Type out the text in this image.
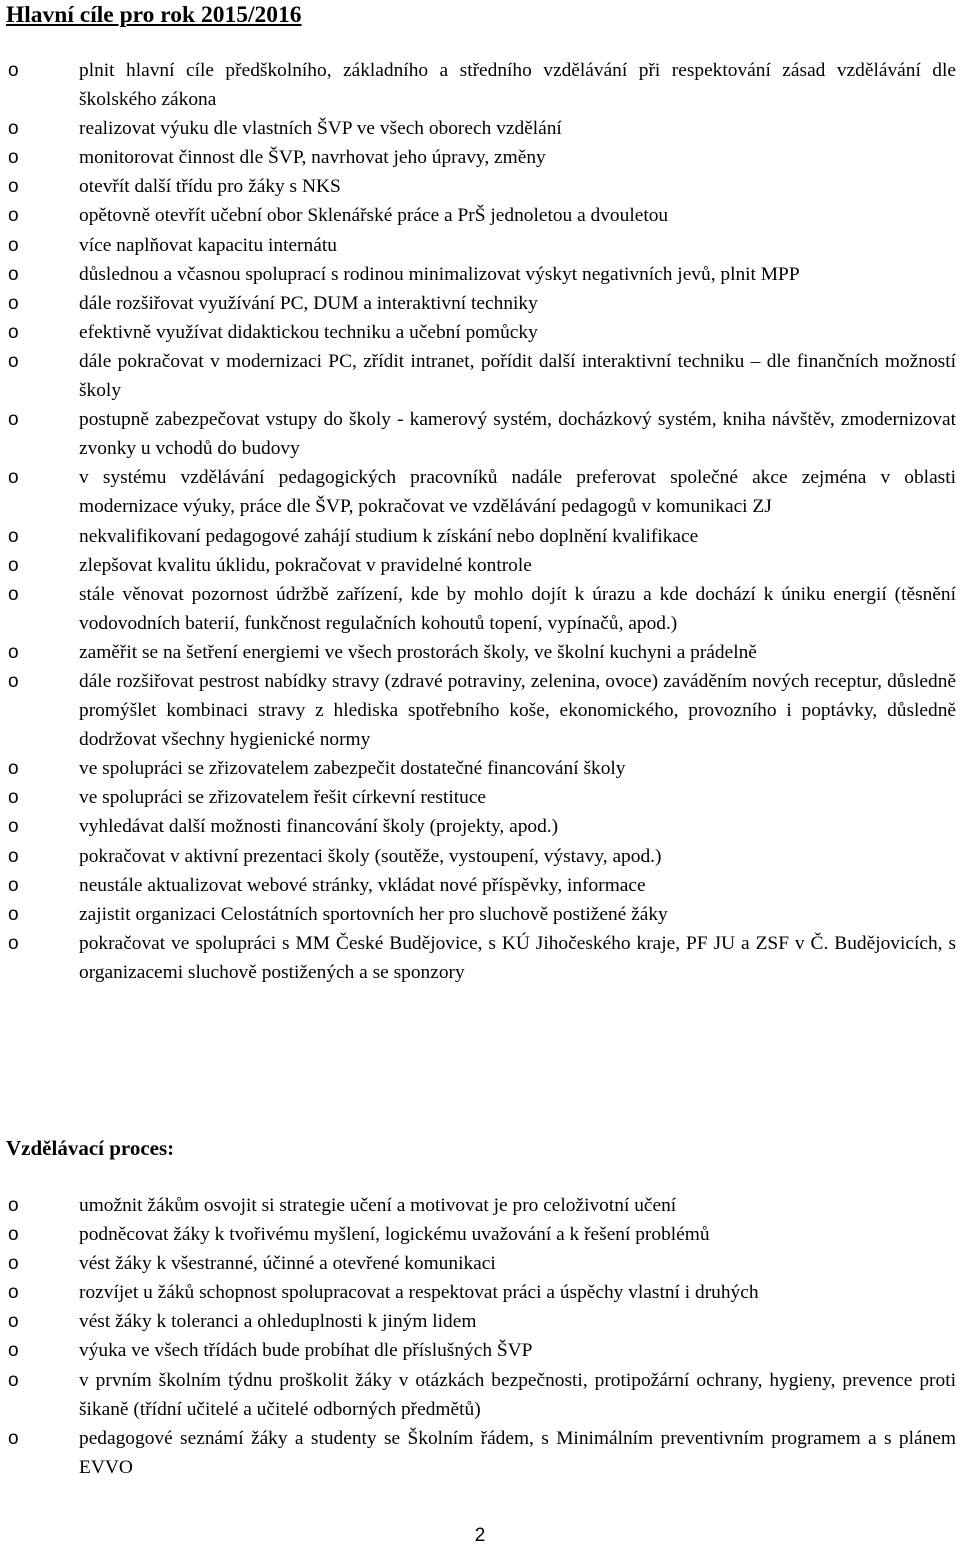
Hlavní cíle pro rok 2015/2016
o	plnit hlavní cíle předškolního, základního a středního vzdělávání při respektování zásad vzdělávání dle školského zákona
o	realizovat výuku dle vlastních ŠVP ve všech oborech vzdělání
o	monitorovat činnost dle ŠVP, navrhovat jeho úpravy, změny
o	otevřít další třídu pro žáky s NKS
o	opětovně otevřít učební obor Sklenářské práce a PrŠ jednoletou a dvouletou
o	více naplňovat kapacitu internátu
o	důslednou a včasnou spoluprací s rodinou minimalizovat výskyt negativních jevů, plnit MPP
o	dále rozšiřovat využívání PC, DUM a interaktivní techniky
o	efektivně využívat didaktickou techniku a učební pomůcky
o	dále pokračovat v modernizaci PC, zřídit intranet, pořídit další interaktivní techniku – dle finančních možností školy
o	postupně zabezpečovat vstupy do školy - kamerový systém, docházkový systém, kniha návštěv, zmodernizovat zvonky u vchodů do budovy
o	v systému vzdělávání pedagogických pracovníků nadále preferovat společné akce zejména v oblasti modernizace výuky, práce dle ŠVP, pokračovat ve vzdělávání pedagogů v komunikaci ZJ
o	nekvalifikovaní pedagogové zahájí studium k získání nebo doplnění kvalifikace
o	zlepšovat kvalitu úklidu, pokračovat v pravidelné kontrole
o	stále věnovat pozornost údržbě zařízení, kde by mohlo dojít k úrazu a kde dochází k úniku energií (těsnění vodovodních baterií, funkčnost regulačních kohoutů topení, vypínačů, apod.)
o	zaměřit se na šetření energiemi ve všech prostorách školy, ve školní kuchyni a prádelně
o	dále rozšiřovat pestrost nabídky stravy (zdravé potraviny, zelenina, ovoce) zaváděním nových receptur, důsledně promýšlet kombinaci stravy z hlediska spotřebního koše, ekonomického, provozního i poptávky, důsledně dodržovat všechny hygienické normy
o	ve spolupráci se zřizovatelem zabezpečit dostatečné financování školy
o	ve spolupráci se zřizovatelem řešit církevní restituce
o	vyhledávat další možnosti financování školy (projekty, apod.)
o	pokračovat v aktivní prezentaci školy (soutěže, vystoupení, výstavy, apod.)
o	neustále aktualizovat webové stránky, vkládat nové příspěvky, informace
o	zajistit organizaci Celostátních sportovních her pro sluchově postižené žáky
o	pokračovat ve spolupráci s MM České Budějovice, s KÚ Jihočeského kraje, PF JU a ZSF v Č. Budějovicích, s organizacemi sluchově postižených a se sponzory
Vzdělávací proces:
o	umožnit žákům osvojit si strategie učení a motivovat je pro celoživotní učení
o	podněcovat žáky k tvořivému myšlení, logickému uvažování a k řešení problémů
o	vést žáky k všestranné, účinné a otevřené komunikaci
o	rozvíjet u žáků schopnost spolupracovat a respektovat práci a úspěchy vlastní i druhých
o	vést žáky k toleranci a ohleduplnosti k jiným lidem
o	výuka ve všech třídách bude probíhat dle příslušných ŠVP
o	v prvním školním týdnu proškolit žáky v otázkách bezpečnosti, protipožární ochrany, hygieny, prevence proti šikaně (třídní učitelé a učitelé odborných předmětů)
o	pedagogové seznámí žáky a studenty se Školním řádem, s Minimálním preventivním programem a s plánem EVVO
2
